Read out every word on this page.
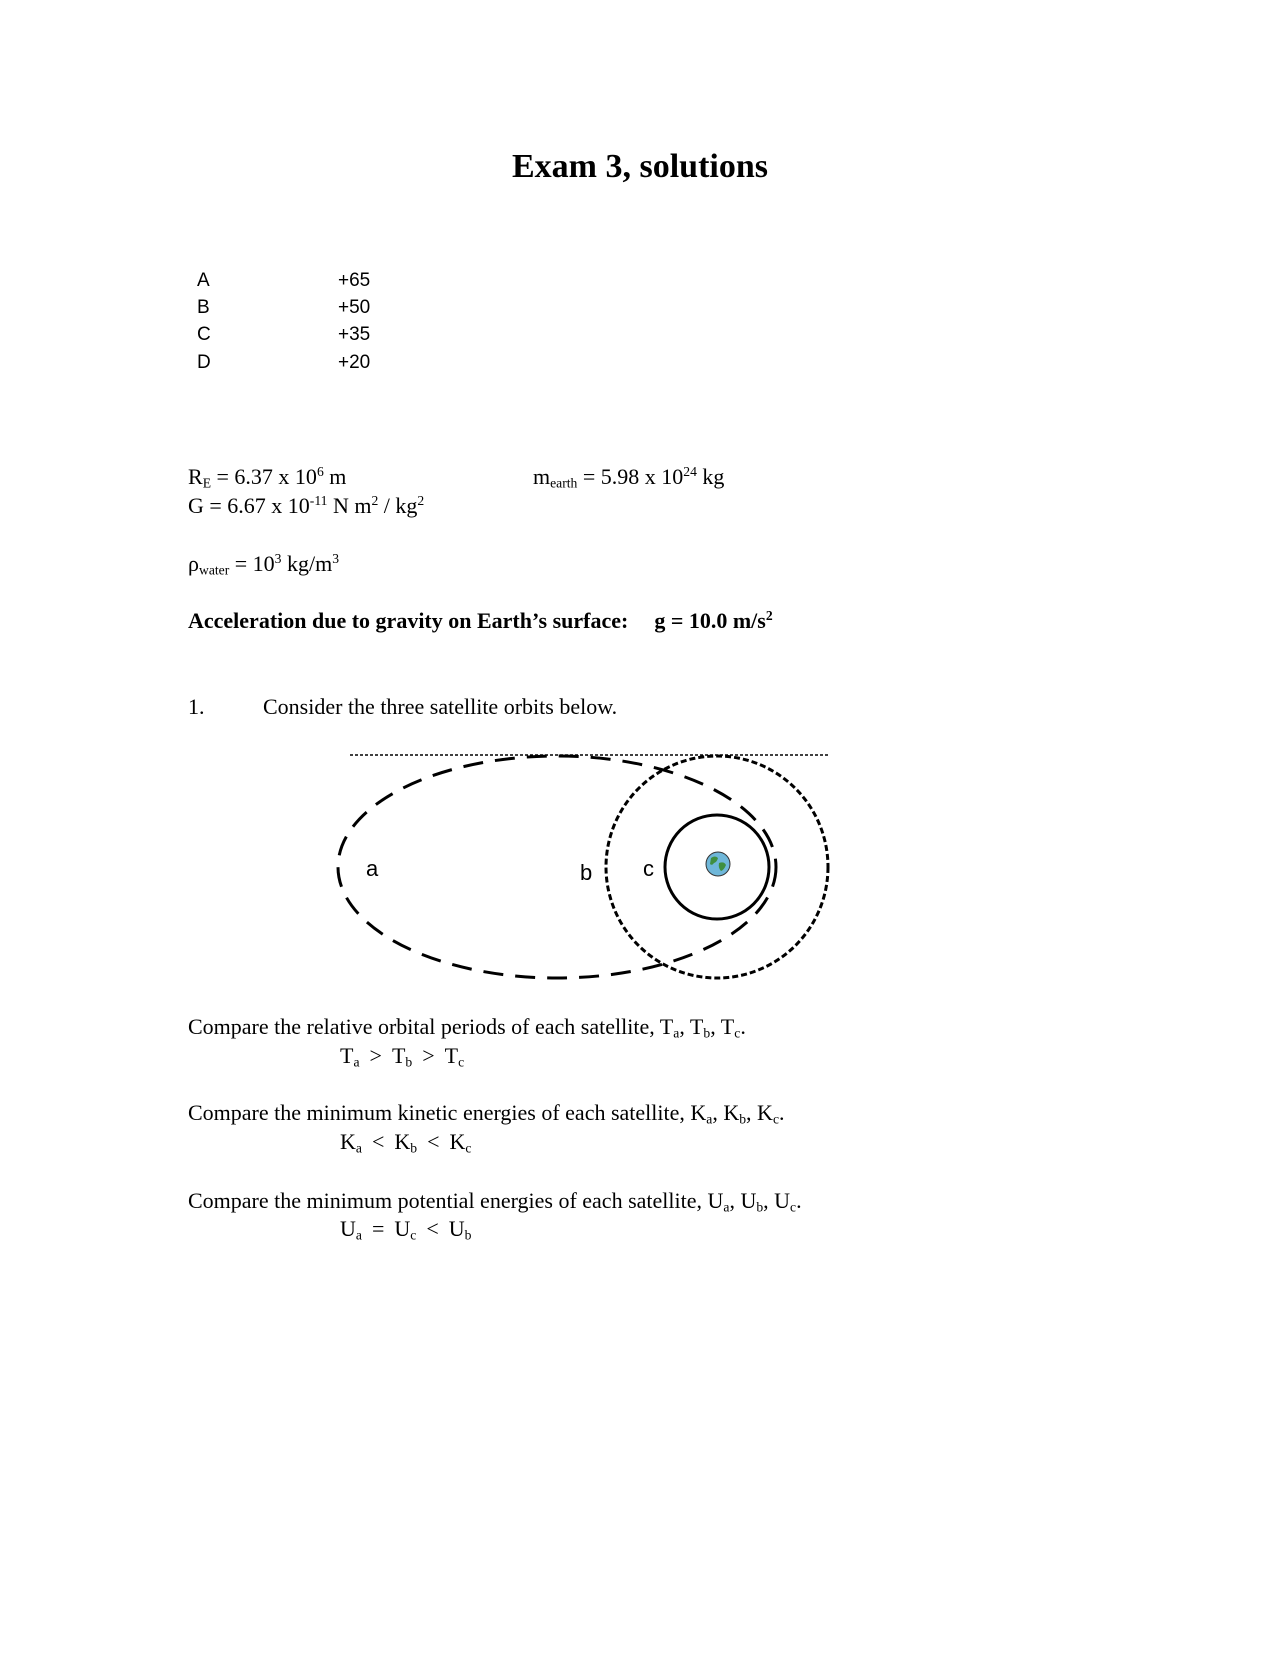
Exam 3, solutions
A	+65
B	+50
C	+35
D	+20
$R_E = 6.37$ x $10^6$ m	$m_{earth} = 5.98$ x $10^{24}$ kg
G = 6.67 x $10^{-11}$ N $m^2 / kg^2$
$\rho_{water} = 10^3$ $kg/m^3$
Acceleration due to gravity on Earth’s surface: g = 10.0 $m/s^2$
1.	Consider the three satellite orbits below.
a	b c
Compare the relative orbital periods of each satellite, $T_a$, $T_b$, $T_c$.
$T_a > T_b > T_c$
Compare the minimum kinetic energies of each satellite, $K_a$, $K_b$, $K_c$.
$K_a < K_b < K_c$
Compare the minimum potential energies of each satellite, $U_a$, $U_b$, $U_c$.
$U_a = U_c < U_b$
